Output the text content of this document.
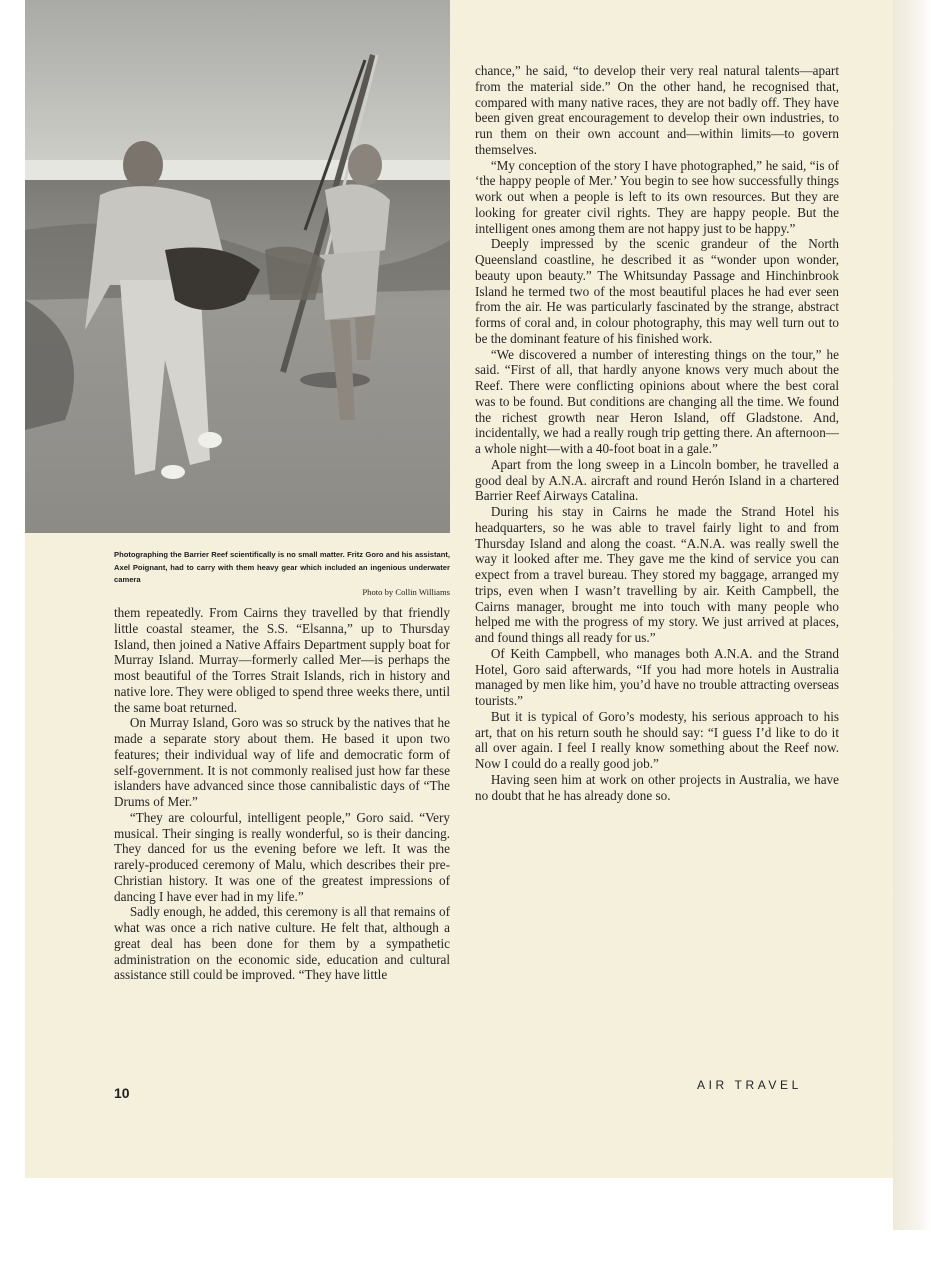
Photographing the Barrier Reef scientifically is no small matter. Fritz Goro and his assistant, Axel Poignant, had to carry with them heavy gear which included an ingenious underwater camera
Photo by Collin Williams

them repeatedly. From Cairns they travelled by that friendly little coastal steamer, the S.S. “Elsanna,” up to Thursday Island, then joined a Native Affairs Department supply boat for Murray Island. Murray—formerly called Mer—is perhaps the most beautiful of the Torres Strait Islands, rich in history and native lore. They were obliged to spend three weeks there, until the same boat returned.

On Murray Island, Goro was so struck by the natives that he made a separate story about them. He based it upon two features; their individual way of life and democratic form of self-government. It is not commonly realised just how far these islanders have advanced since those cannibalistic days of “The Drums of Mer.”

“They are colourful, intelligent people,” Goro said. “Very musical. Their singing is really wonderful, so is their dancing. They danced for us the evening before we left. It was the rarely-produced ceremony of Malu, which describes their pre-Christian history. It was one of the greatest impressions of dancing I have ever had in my life.”

Sadly enough, he added, this ceremony is all that remains of what was once a rich native culture. He felt that, although a great deal has been done for them by a sympathetic administration on the economic side, education and cultural assistance still could be improved. “They have little

chance,” he said, “to develop their very real natural talents—apart from the material side.” On the other hand, he recognised that, compared with many native races, they are not badly off. They have been given great encouragement to develop their own industries, to run them on their own account and—within limits—to govern themselves.

“My conception of the story I have photographed,” he said, “is of ‘the happy people of Mer.’ You begin to see how successfully things work out when a people is left to its own resources. But they are looking for greater civil rights. They are happy people. But the intelligent ones among them are not happy just to be happy.”

Deeply impressed by the scenic grandeur of the North Queensland coastline, he described it as “wonder upon wonder, beauty upon beauty.” The Whitsunday Passage and Hinchinbrook Island he termed two of the most beautiful places he had ever seen from the air. He was particularly fascinated by the strange, abstract forms of coral and, in colour photography, this may well turn out to be the dominant feature of his finished work.

“We discovered a number of interesting things on the tour,” he said. “First of all, that hardly anyone knows very much about the Reef. There were conflicting opinions about where the best coral was to be found. But conditions are changing all the time. We found the richest growth near Heron Island, off Gladstone. And, incidentally, we had a really rough trip getting there. An afternoon—a whole night—with a 40-foot boat in a gale.”

Apart from the long sweep in a Lincoln bomber, he travelled a good deal by A.N.A. aircraft and round Herón Island in a chartered Barrier Reef Airways Catalina.

During his stay in Cairns he made the Strand Hotel his headquarters, so he was able to travel fairly light to and from Thursday Island and along the coast. “A.N.A. was really swell the way it looked after me. They gave me the kind of service you can expect from a travel bureau. They stored my baggage, arranged my trips, even when I wasn’t travelling by air. Keith Campbell, the Cairns manager, brought me into touch with many people who helped me with the progress of my story. We just arrived at places, and found things all ready for us.”

Of Keith Campbell, who manages both A.N.A. and the Strand Hotel, Goro said afterwards, “If you had more hotels in Australia managed by men like him, you’d have no trouble attracting overseas tourists.”

But it is typical of Goro’s modesty, his serious approach to his art, that on his return south he should say: “I guess I’d like to do it all over again. I feel I really know something about the Reef now. Now I could do a really good job.”

Having seen him at work on other projects in Australia, we have no doubt that he has already done so.

10	AIR TRAVEL
